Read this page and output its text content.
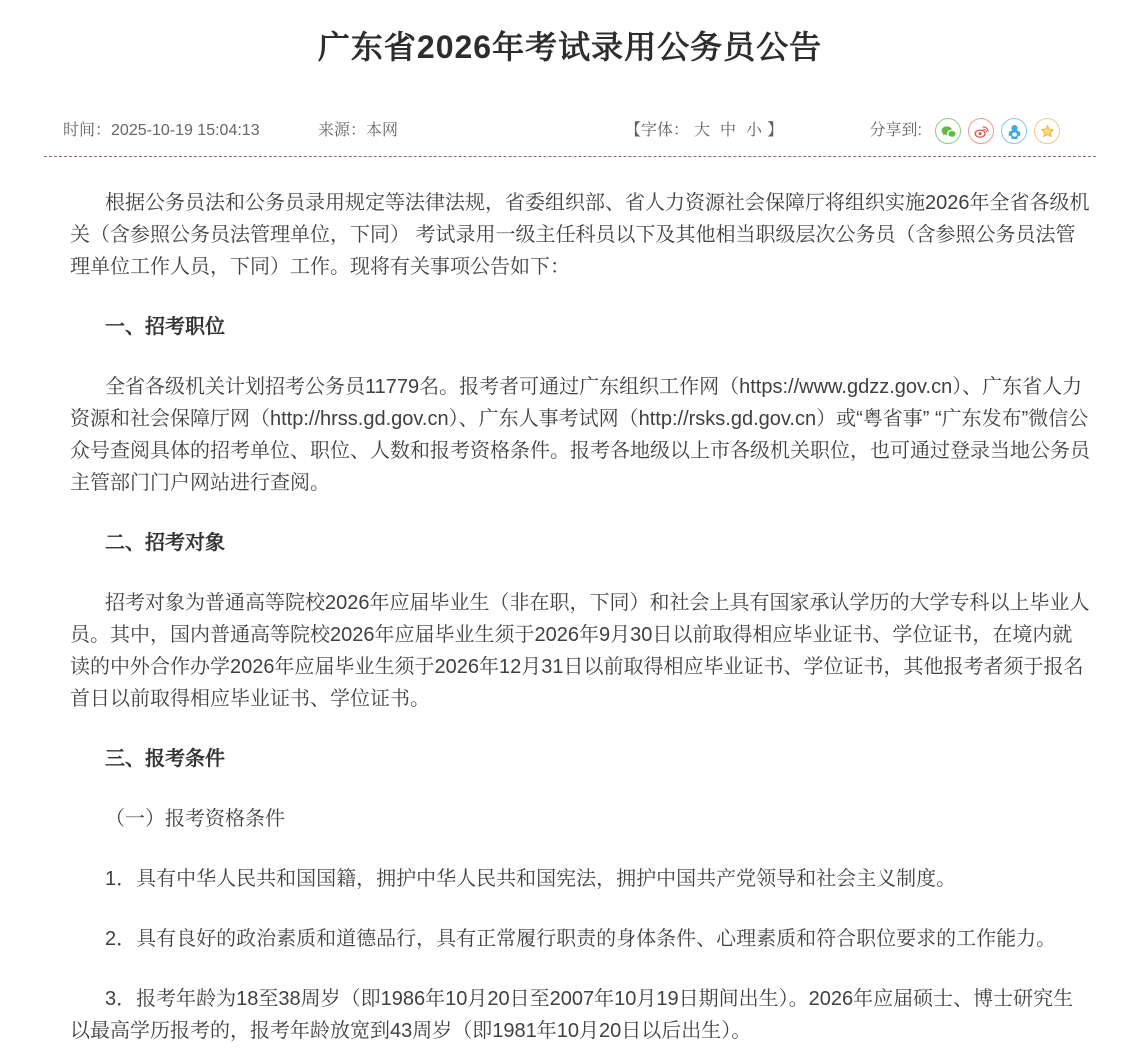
广东省2026年考试录用公务员公告
时间：2025-10-19 15:04:13	来源：本网	【字体： 大 中 小 】	分享到:

根据公务员法和公务员录用规定等法律法规，省委组织部、省人力资源社会保障厅将组织实施2026年全省各级机关（含参照公务员法管理单位，下同） 考试录用一级主任科员以下及其他相当职级层次公务员（含参照公务员法管理单位工作人员，下同）工作。现将有关事项公告如下：

一、招考职位

全省各级机关计划招考公务员11779名。报考者可通过广东组织工作网（https://www.gdzz.gov.cn）、广东省人力资源和社会保障厅网（http://hrss.gd.gov.cn）、广东人事考试网（http://rsks.gd.gov.cn）或“粤省事” “广东发布”微信公众号查阅具体的招考单位、职位、人数和报考资格条件。报考各地级以上市各级机关职位，也可通过登录当地公务员主管部门门户网站进行查阅。

二、招考对象

招考对象为普通高等院校2026年应届毕业生（非在职，下同）和社会上具有国家承认学历的大学专科以上毕业人员。其中，国内普通高等院校2026年应届毕业生须于2026年9月30日以前取得相应毕业证书、学位证书，在境内就读的中外合作办学2026年应届毕业生须于2026年12月31日以前取得相应毕业证书、学位证书，其他报考者须于报名首日以前取得相应毕业证书、学位证书。

三、报考条件

（一）报考资格条件

1．具有中华人民共和国国籍，拥护中华人民共和国宪法，拥护中国共产党领导和社会主义制度。

2．具有良好的政治素质和道德品行，具有正常履行职责的身体条件、心理素质和符合职位要求的工作能力。

3．报考年龄为18至38周岁（即1986年10月20日至2007年10月19日期间出生）。2026年应届硕士、博士研究生以最高学历报考的，报考年龄放宽到43周岁（即1981年10月20日以后出生）。
